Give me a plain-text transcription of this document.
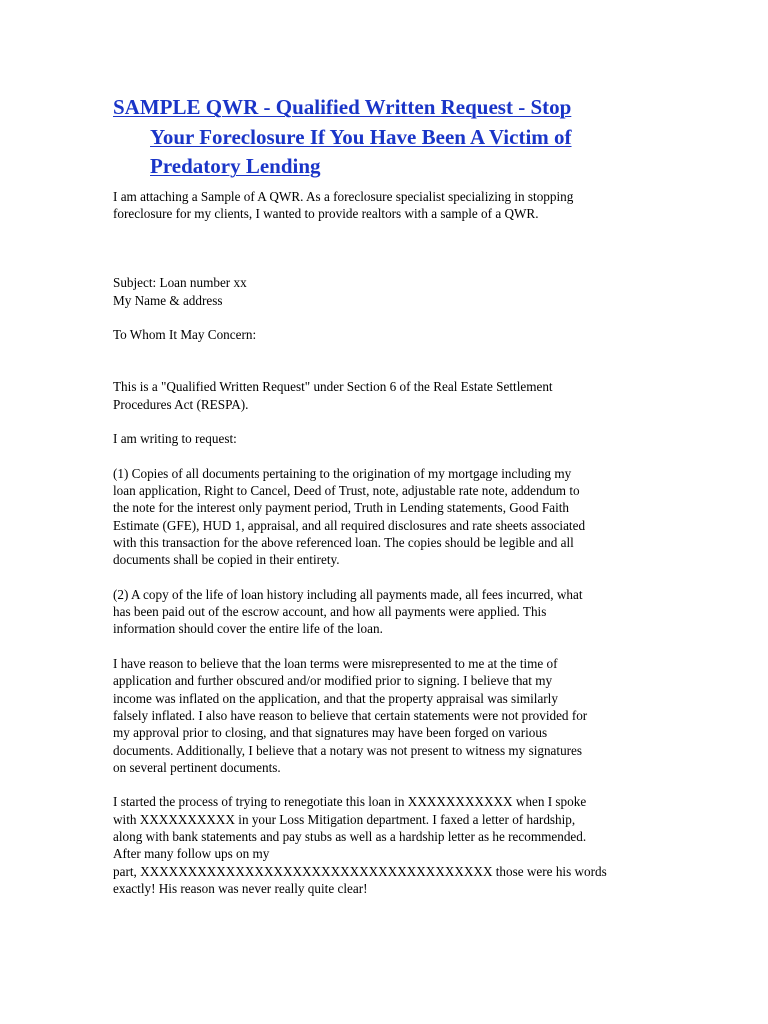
SAMPLE QWR - Qualified Written Request - Stop
Your Foreclosure If You Have Been A Victim of
Predatory Lending

I am attaching a Sample of A QWR. As a foreclosure specialist specializing in stopping

foreclosure for my clients, I wanted to provide realtors with a sample of a QWR.

Subject: Loan number xx

My Name & address

To Whom It May Concern:

This is a "Qualified Written Request" under Section 6 of the Real Estate Settlement

Procedures Act (RESPA).

I am writing to request:

(1) Copies of all documents pertaining to the origination of my mortgage including my

loan application, Right to Cancel, Deed of Trust, note, adjustable rate note, addendum to

the note for the interest only payment period, Truth in Lending statements, Good Faith

Estimate (GFE), HUD 1, appraisal, and all required disclosures and rate sheets associated

with this transaction for the above referenced loan. The copies should be legible and all

documents shall be copied in their entirety.

(2) A copy of the life of loan history including all payments made, all fees incurred, what

has been paid out of the escrow account, and how all payments were applied. This

information should cover the entire life of the loan.

I have reason to believe that the loan terms were misrepresented to me at the time of

application and further obscured and/or modified prior to signing. I believe that my

income was inflated on the application, and that the property appraisal was similarly

falsely inflated. I also have reason to believe that certain statements were not provided for

my approval prior to closing, and that signatures may have been forged on various

documents. Additionally, I believe that a notary was not present to witness my signatures

on several pertinent documents.

I started the process of trying to renegotiate this loan in XXXXXXXXXXX when I spoke

with XXXXXXXXXX in your Loss Mitigation department. I faxed a letter of hardship,

along with bank statements and pay stubs as well as a hardship letter as he recommended.

After many follow ups on my

part, XXXXXXXXXXXXXXXXXXXXXXXXXXXXXXXXXXXXX those were his words

exactly! His reason was never really quite clear!
